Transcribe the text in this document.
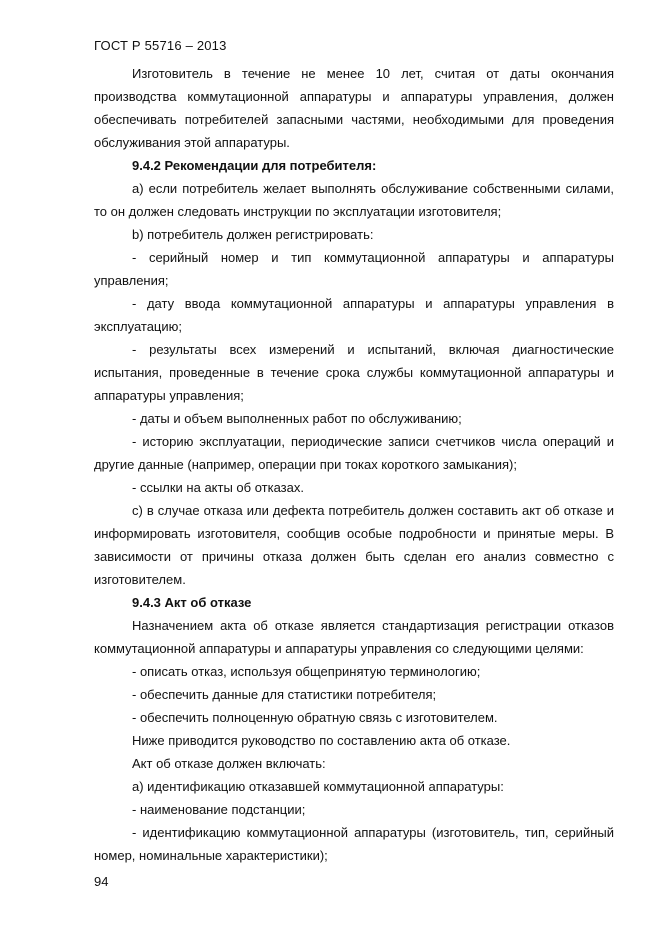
ГОСТ Р 55716 – 2013

Изготовитель в течение не менее 10 лет, считая от даты окончания производства коммутационной аппаратуры и аппаратуры управления, должен обеспечивать потребителей запасными частями, необходимыми для проведения обслуживания этой аппаратуры.

9.4.2 Рекомендации для потребителя:

а) если потребитель желает выполнять обслуживание собственными силами, то он должен следовать инструкции по эксплуатации изготовителя;

b) потребитель должен регистрировать:

- серийный номер и тип коммутационной аппаратуры и аппаратуры управления;

- дату ввода коммутационной аппаратуры и аппаратуры управления в эксплуатацию;

- результаты всех измерений и испытаний, включая диагностические испытания, проведенные в течение срока службы коммутационной аппаратуры и аппаратуры управления;

- даты и объем выполненных работ по обслуживанию;

- историю эксплуатации, периодические записи счетчиков числа операций и другие данные (например, операции при токах короткого замыкания);

- ссылки на акты об отказах.

c) в случае отказа или дефекта потребитель должен составить акт об отказе и информировать изготовителя, сообщив особые подробности и принятые меры. В зависимости от причины отказа должен быть сделан его анализ совместно с изготовителем.

9.4.3 Акт об отказе

Назначением акта об отказе является стандартизация регистрации отказов коммутационной аппаратуры и аппаратуры управления со следующими целями:

- описать отказ, используя общепринятую терминологию;

- обеспечить данные для статистики потребителя;

- обеспечить полноценную обратную связь с изготовителем.

Ниже приводится руководство по составлению акта об отказе.

Акт об отказе должен включать:

а) идентификацию отказавшей коммутационной аппаратуры:

- наименование подстанции;

- идентификацию коммутационной аппаратуры (изготовитель, тип, серийный номер, номинальные характеристики);

94
